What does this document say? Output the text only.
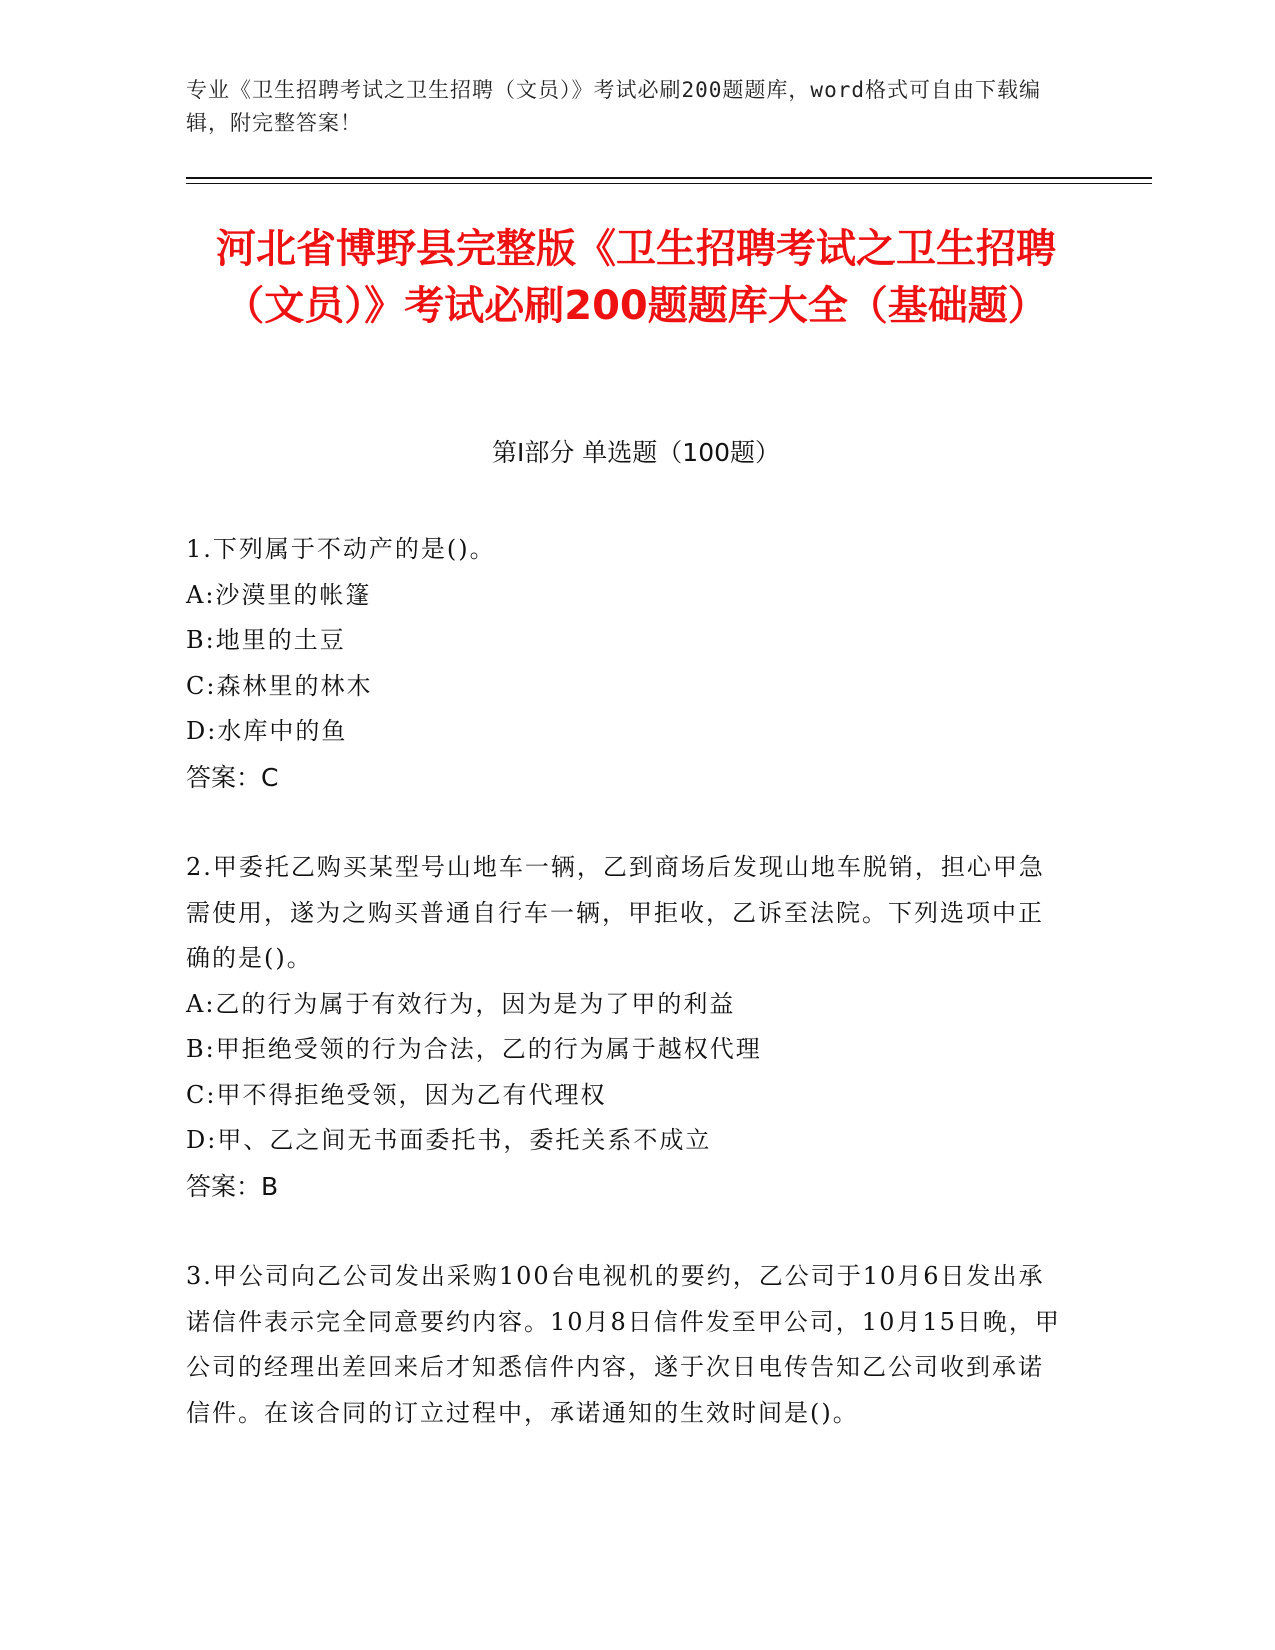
专业《卫生招聘考试之卫生招聘（文员）》考试必刷200题题库，word格式可自由下载编辑，附完整答案！
河北省博野县完整版《卫生招聘考试之卫生招聘（文员）》考试必刷200题题库大全（基础题）
第Ⅰ部分 单选题（100题）

1.下列属于不动产的是()。

A:沙漠里的帐篷

B:地里的土豆

C:森林里的林木

D:水库中的鱼

答案：C

2.甲委托乙购买某型号山地车一辆，乙到商场后发现山地车脱销，担心甲急需使用，遂为之购买普通自行车一辆，甲拒收，乙诉至法院。下列选项中正确的是()。

A:乙的行为属于有效行为，因为是为了甲的利益

B:甲拒绝受领的行为合法，乙的行为属于越权代理

C:甲不得拒绝受领，因为乙有代理权

D:甲、乙之间无书面委托书，委托关系不成立

答案：B

3.甲公司向乙公司发出采购100台电视机的要约，乙公司于10月6日发出承诺信件表示完全同意要约内容。10月8日信件发至甲公司，10月15日晚，甲公司的经理出差回来后才知悉信件内容，遂于次日电传告知乙公司收到承诺信件。在该合同的订立过程中，承诺通知的生效时间是()。
